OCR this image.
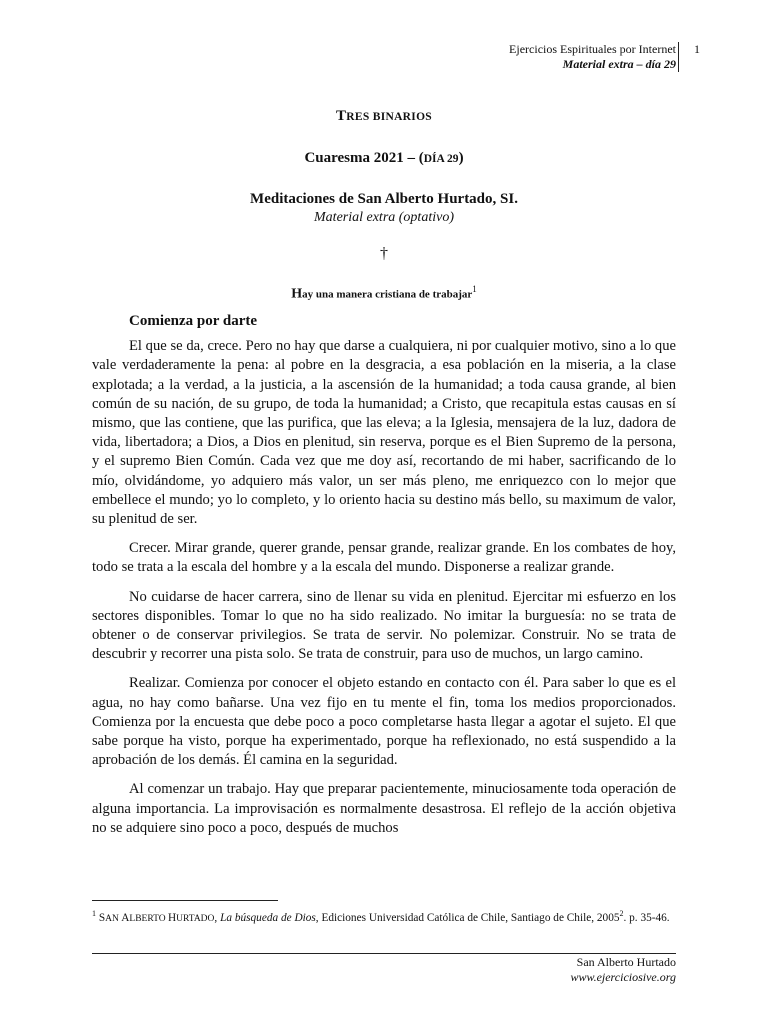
Ejercicios Espirituales por Internet
Material extra – día 29
1
TRES BINARIOS
Cuaresma 2021 – (DÍA 29)
Meditaciones de San Alberto Hurtado, SI.
Material extra (optativo)
†
Hay una manera cristiana de trabajar$^1$
Comienza por darte

El que se da, crece. Pero no hay que darse a cualquiera, ni por cualquier motivo, sino a lo que vale verdaderamente la pena: al pobre en la desgracia, a esa población en la miseria, a la clase explotada; a la verdad, a la justicia, a la ascensión de la humanidad; a toda causa grande, al bien común de su nación, de su grupo, de toda la humanidad; a Cristo, que recapitula estas causas en sí mismo, que las contiene, que las purifica, que las eleva; a la Iglesia, mensajera de la luz, dadora de vida, libertadora; a Dios, a Dios en plenitud, sin reserva, porque es el Bien Supremo de la persona, y el supremo Bien Común. Cada vez que me doy así, recortando de mi haber, sacrificando de lo mío, olvidándome, yo adquiero más valor, un ser más pleno, me enriquezco con lo mejor que embellece el mundo; yo lo completo, y lo oriento hacia su destino más bello, su maximum de valor, su plenitud de ser.

Crecer. Mirar grande, querer grande, pensar grande, realizar grande. En los combates de hoy, todo se trata a la escala del hombre y a la escala del mundo. Disponerse a realizar grande.

No cuidarse de hacer carrera, sino de llenar su vida en plenitud. Ejercitar mi esfuerzo en los sectores disponibles. Tomar lo que no ha sido realizado. No imitar la burguesía: no se trata de obtener o de conservar privilegios. Se trata de servir. No polemizar. Construir. No se trata de descubrir y recorrer una pista solo. Se trata de construir, para uso de muchos, un largo camino.

Realizar. Comienza por conocer el objeto estando en contacto con él. Para saber lo que es el agua, no hay como bañarse. Una vez fijo en tu mente el fin, toma los medios proporcionados. Comienza por la encuesta que debe poco a poco completarse hasta llegar a agotar el sujeto. El que sabe porque ha visto, porque ha experimentado, porque ha reflexionado, no está suspendido a la aprobación de los demás. Él camina en la seguridad.

Al comenzar un trabajo. Hay que preparar pacientemente, minuciosamente toda operación de alguna importancia. La improvisación es normalmente desastrosa. El reflejo de la acción objetiva no se adquiere sino poco a poco, después de muchos

$^1$ SAN ALBERTO HURTADO, La búsqueda de Dios, Ediciones Universidad Católica de Chile, Santiago de Chile, 2005$^2$. p. 35-46.
San Alberto Hurtado
www.ejerciciosive.org
